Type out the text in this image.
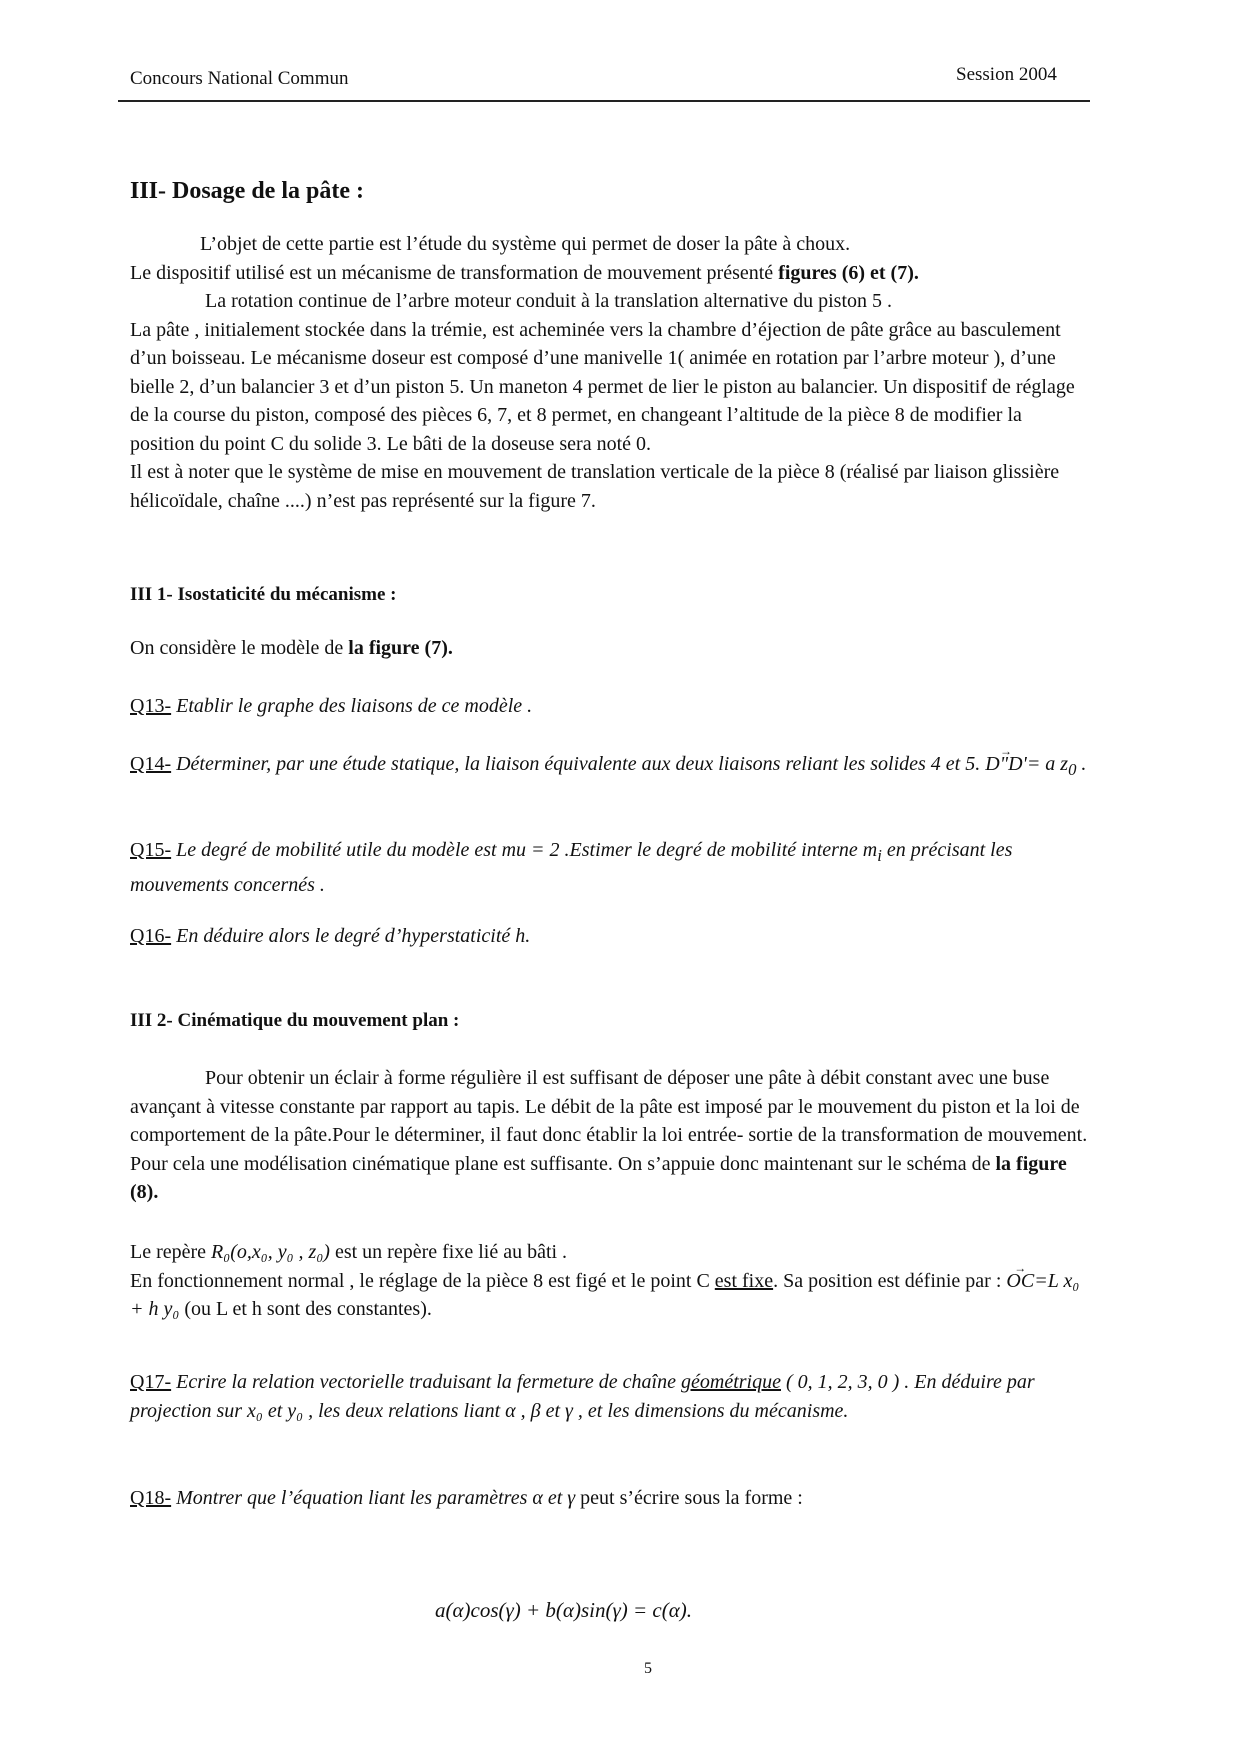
Concours National Commun	Session 2004
III- Dosage de la pâte :
L’objet de cette partie est l’étude du système qui permet de doser la pâte à choux.
Le dispositif utilisé est un mécanisme de transformation de mouvement présenté figures (6) et (7).
La rotation continue de l’arbre moteur conduit à la translation alternative du piston 5 .
La pâte , initialement stockée dans la trémie, est acheminée vers la chambre d’éjection de pâte grâce au basculement d’un boisseau. Le mécanisme doseur est composé d’une manivelle 1( animée en rotation par l’arbre moteur ), d’une bielle 2, d’un balancier 3 et d’un piston 5. Un maneton 4 permet de lier le piston au balancier. Un dispositif de réglage de la course du piston, composé des pièces 6, 7, et 8 permet, en changeant l’altitude de la pièce 8 de modifier la position du point C du solide 3. Le bâti de la doseuse sera noté 0.
Il est à noter que le système de mise en mouvement de translation verticale de la pièce 8 (réalisé par liaison glissière hélicoïdale, chaîne ....) n’est pas représenté sur la figure 7.
III 1- Isostaticité du mécanisme :
On considère le modèle de la figure (7).
Q13- Etablir le graphe des liaisons de ce modèle .
Q14- Déterminer, par une étude statique, la liaison équivalente aux deux liaisons reliant les solides 4 et 5. → D"D'= a $z_0$ .
Q15- Le degré de mobilité utile du modèle est mu = 2 .Estimer le degré de mobilité interne $m_i$ en précisant les mouvements concernés .
Q16- En déduire alors le degré d’hyperstaticité h.
III 2- Cinématique du mouvement plan :
Pour obtenir un éclair à forme régulière il est suffisant de déposer une pâte à débit constant avec une buse avançant à vitesse constante par rapport au tapis. Le débit de la pâte est imposé par le mouvement du piston et la loi de comportement de la pâte.Pour le déterminer, il faut donc établir la loi entrée- sortie de la transformation de mouvement. Pour cela une modélisation cinématique plane est suffisante. On s’appuie donc maintenant sur le schéma de la figure (8).
Le repère R₀(o,x₀, y₀ , z₀) est un repère fixe lié au bâti .
En fonctionnement normal , le réglage de la pièce 8 est figé et le point C est fixe. Sa position est définie par : → OC=L x₀ + h y₀ (ou L et h sont des constantes).
Q17- Ecrire la relation vectorielle traduisant la fermeture de chaîne géométrique ( 0, 1, 2, 3, 0 ) . En déduire par projection sur x₀ et y₀ , les deux relations liant α , β et γ , et les dimensions du mécanisme.
Q18- Montrer que l’équation liant les paramètres α et γ peut s’écrire sous la forme :
a(α)cos(γ) + b(α)sin(γ) = c(α).
5
